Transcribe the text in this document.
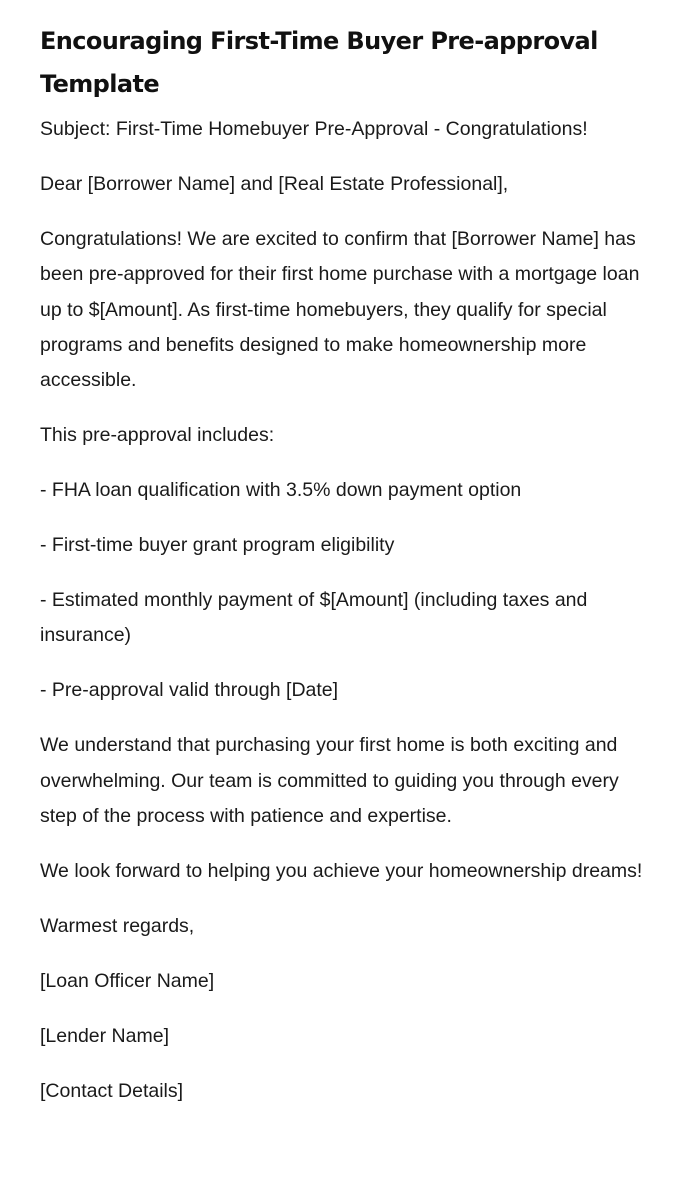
Encouraging First-Time Buyer Pre-approval Template

Subject: First-Time Homebuyer Pre-Approval - Congratulations!

Dear [Borrower Name] and [Real Estate Professional],

Congratulations! We are excited to confirm that [Borrower Name] has been pre-approved for their first home purchase with a mortgage loan up to $[Amount]. As first-time homebuyers, they qualify for special programs and benefits designed to make homeownership more accessible.

This pre-approval includes:

- FHA loan qualification with 3.5% down payment option

- First-time buyer grant program eligibility

- Estimated monthly payment of $[Amount] (including taxes and insurance)

- Pre-approval valid through [Date]

We understand that purchasing your first home is both exciting and overwhelming. Our team is committed to guiding you through every step of the process with patience and expertise.

We look forward to helping you achieve your homeownership dreams!

Warmest regards,

[Loan Officer Name]

[Lender Name]

[Contact Details]
